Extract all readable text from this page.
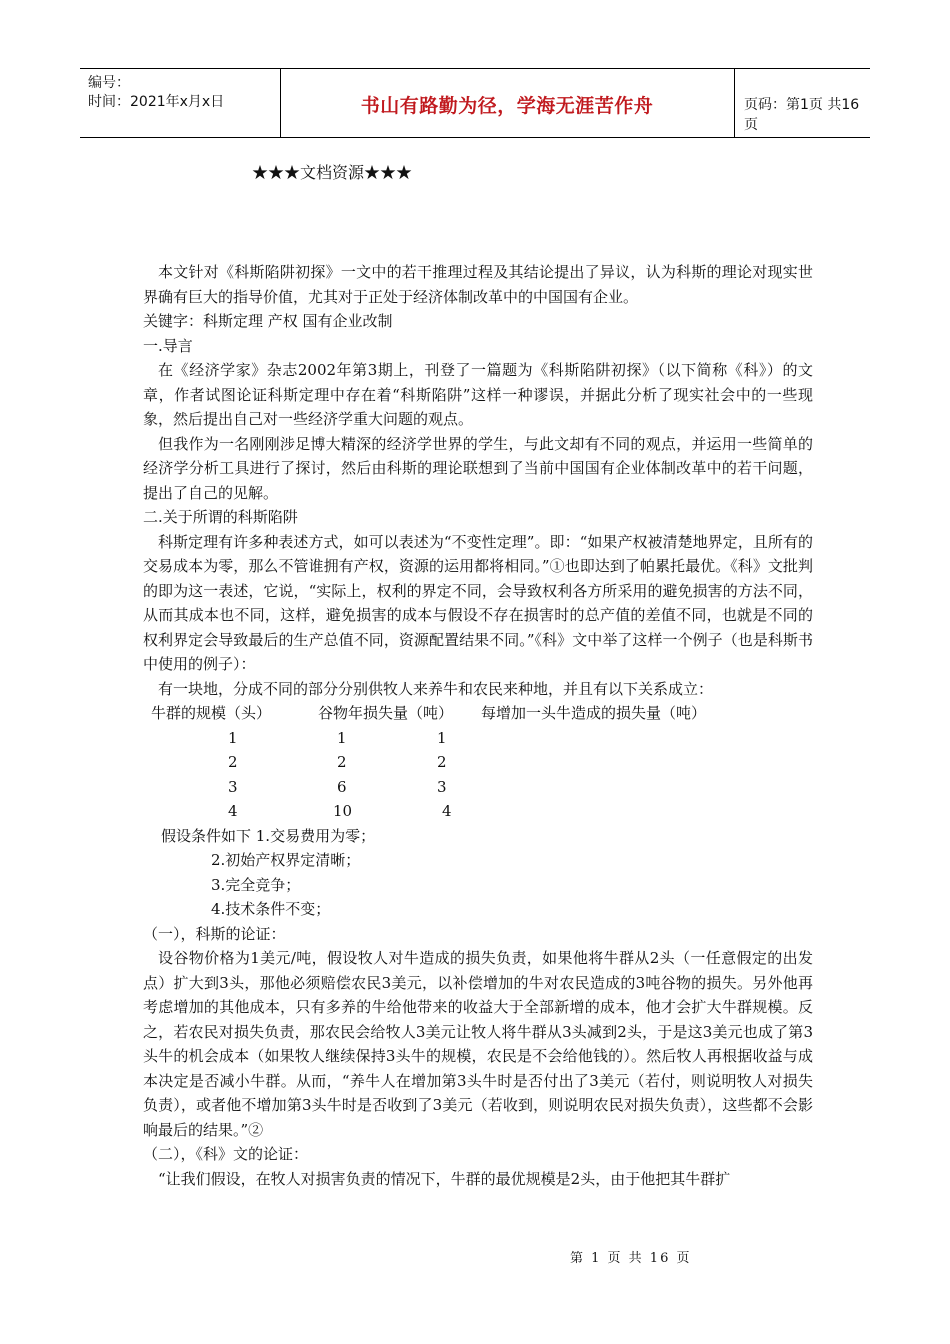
编号：
时间：2021年x月x日	书山有路勤为径，学海无涯苦作舟	页码：第1页 共16页
★★★文档资源★★★

本文针对《科斯陷阱初探》一文中的若干推理过程及其结论提出了异议，认为科斯的理论对现实世界确有巨大的指导价值，尤其对于正处于经济体制改革中的中国国有企业。

关键字：科斯定理 产权 国有企业改制

一.导言

在《经济学家》杂志2002年第3期上，刊登了一篇题为《科斯陷阱初探》（以下简称《科》）的文章，作者试图论证科斯定理中存在着“科斯陷阱”这样一种谬误，并据此分析了现实社会中的一些现象，然后提出自己对一些经济学重大问题的观点。

但我作为一名刚刚涉足博大精深的经济学世界的学生，与此文却有不同的观点，并运用一些简单的经济学分析工具进行了探讨，然后由科斯的理论联想到了当前中国国有企业体制改革中的若干问题，提出了自己的见解。

二.关于所谓的科斯陷阱

科斯定理有许多种表述方式，如可以表述为“不变性定理”。即：“如果产权被清楚地界定，且所有的交易成本为零，那么不管谁拥有产权，资源的运用都将相同。”①也即达到了帕累托最优。《科》文批判的即为这一表述，它说，“实际上，权利的界定不同，会导致权利各方所采用的避免损害的方法不同，从而其成本也不同，这样，避免损害的成本与假设不存在损害时的总产值的差值不同，也就是不同的权利界定会导致最后的生产总值不同，资源配置结果不同。”《科》文中举了这样一个例子（也是科斯书中使用的例子）：

有一块地，分成不同的部分分别供牧人来养牛和农民来种地，并且有以下关系成立：

牛群的规模（头）	谷物年损失量（吨） 每增加一头牛造成的损失量（吨）
1	1	1
2	2	2
3	6	3
4	10	4

假设条件如下 1.交易费用为零；

2.初始产权界定清晰；

3.完全竞争；

4.技术条件不变；

（一），科斯的论证：

设谷物价格为1美元/吨，假设牧人对牛造成的损失负责，如果他将牛群从2头（一任意假定的出发点）扩大到3头，那他必须赔偿农民3美元，以补偿增加的牛对农民造成的3吨谷物的损失。另外他再考虑增加的其他成本，只有多养的牛给他带来的收益大于全部新增的成本，他才会扩大牛群规模。反之，若农民对损失负责，那农民会给牧人3美元让牧人将牛群从3头减到2头，于是这3美元也成了第3头牛的机会成本（如果牧人继续保持3头牛的规模，农民是不会给他钱的）。然后牧人再根据收益与成本决定是否减小牛群。从而，“养牛人在增加第3头牛时是否付出了3美元（若付，则说明牧人对损失负责），或者他不增加第3头牛时是否收到了3美元（若收到，则说明农民对损失负责），这些都不会影响最后的结果。”②

（二），《科》文的论证：

“让我们假设，在牧人对损害负责的情况下，牛群的最优规模是2头，由于他把其牛群扩

第 1 页 共 16 页
